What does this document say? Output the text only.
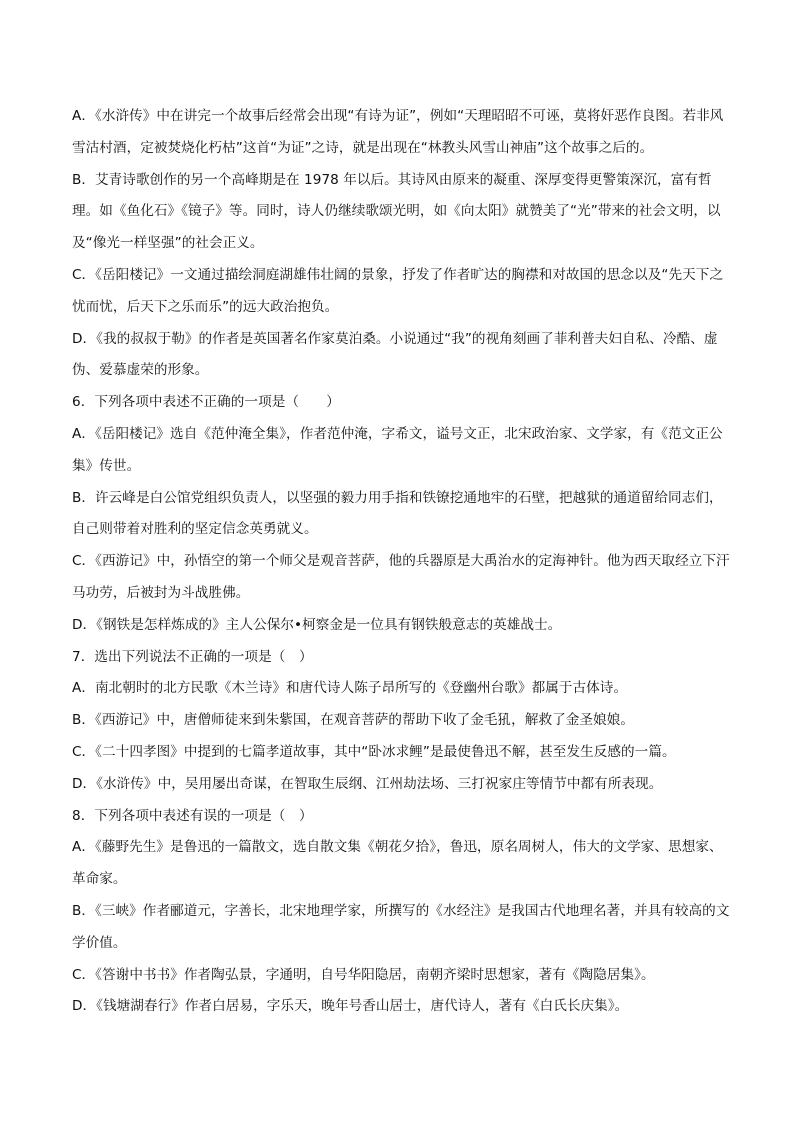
A．《水浒传》中在讲完一个故事后经常会出现“有诗为证”，例如“天理昭昭不可诬，莫将奸恶作良图。若非风雪沽村酒，定被焚烧化朽枯”这首“为证”之诗，就是出现在“林教头风雪山神庙”这个故事之后的。

B．艾青诗歌创作的另一个高峰期是在 1978 年以后。其诗风由原来的凝重、深厚变得更警策深沉，富有哲理。如《鱼化石》《镜子》等。同时，诗人仍继续歌颂光明，如《向太阳》就赞美了“光”带来的社会文明，以及“像光一样坚强”的社会正义。

C．《岳阳楼记》一文通过描绘洞庭湖雄伟壮阔的景象，抒发了作者旷达的胸襟和对故国的思念以及“先天下之忧而忧，后天下之乐而乐”的远大政治抱负。

D．《我的叔叔于勒》的作者是英国著名作家莫泊桑。小说通过“我”的视角刻画了菲利普夫妇自私、冷酷、虚伪、爱慕虚荣的形象。

6．下列各项中表述不正确的一项是（　　）

A．《岳阳楼记》选自《范仲淹全集》，作者范仲淹，字希文，谥号文正，北宋政治家、文学家，有《范文正公集》传世。

B．许云峰是白公馆党组织负责人，以坚强的毅力用手指和铁镣挖通地牢的石壁，把越狱的通道留给同志们，自己则带着对胜利的坚定信念英勇就义。

C．《西游记》中，孙悟空的第一个师父是观音菩萨，他的兵器原是大禹治水的定海神针。他为西天取经立下汗马功劳，后被封为斗战胜佛。

D．《钢铁是怎样炼成的》主人公保尔•柯察金是一位具有钢铁般意志的英雄战士。

7．选出下列说法不正确的一项是（　）

A．南北朝时的北方民歌《木兰诗》和唐代诗人陈子昂所写的《登幽州台歌》都属于古体诗。

B．《西游记》中，唐僧师徒来到朱紫国，在观音菩萨的帮助下收了金毛犼，解救了金圣娘娘。

C．《二十四孝图》中提到的七篇孝道故事，其中“卧冰求鲤”是最使鲁迅不解，甚至发生反感的一篇。

D．《水浒传》中，吴用屡出奇谋，在智取生辰纲、江州劫法场、三打祝家庄等情节中都有所表现。

8．下列各项中表述有误的一项是（　）

A．《藤野先生》是鲁迅的一篇散文，选自散文集《朝花夕拾》，鲁迅，原名周树人，伟大的文学家、思想家、革命家。

B．《三峡》作者郦道元，字善长，北宋地理学家，所撰写的《水经注》是我国古代地理名著，并具有较高的文学价值。

C．《答谢中书书》作者陶弘景，字通明，自号华阳隐居，南朝齐梁时思想家，著有《陶隐居集》。

D．《钱塘湖春行》作者白居易，字乐天，晚年号香山居士，唐代诗人，著有《白氏长庆集》。
